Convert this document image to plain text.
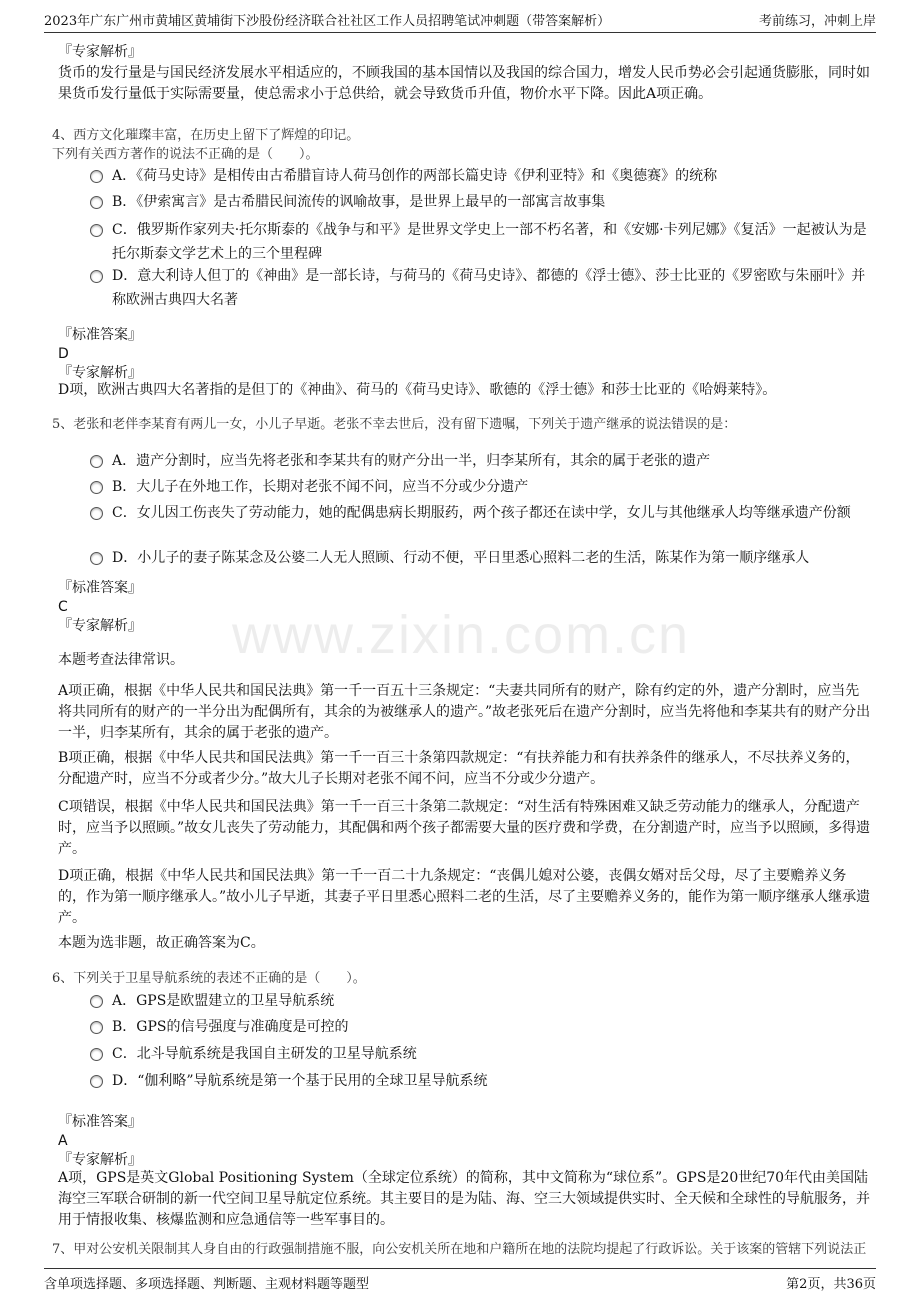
2023年广东广州市黄埔区黄埔街下沙股份经济联合社社区工作人员招聘笔试冲刺题（带答案解析）	考前练习，冲刺上岸
www.zixin.com.cn
『专家解析』
货币的发行量是与国民经济发展水平相适应的，不顾我国的基本国情以及我国的综合国力，增发人民币势必会引起通货膨胀，同时如果货币发行量低于实际需要量，使总需求小于总供给，就会导致货币升值，物价水平下降。因此A项正确。
4、西方文化璀璨丰富，在历史上留下了辉煌的印记。
下列有关西方著作的说法不正确的是（　　）。
A．《荷马史诗》是相传由古希腊盲诗人荷马创作的两部长篇史诗《伊利亚特》和《奥德赛》的统称
B．《伊索寓言》是古希腊民间流传的讽喻故事，是世界上最早的一部寓言故事集
C．俄罗斯作家列夫·托尔斯泰的《战争与和平》是世界文学史上一部不朽名著，和《安娜·卡列尼娜》《复活》一起被认为是托尔斯泰文学艺术上的三个里程碑
D．意大利诗人但丁的《神曲》是一部长诗，与荷马的《荷马史诗》、都德的《浮士德》、莎士比亚的《罗密欧与朱丽叶》并称欧洲古典四大名著
『标准答案』
D
『专家解析』
D项，欧洲古典四大名著指的是但丁的《神曲》、荷马的《荷马史诗》、歌德的《浮士德》和莎士比亚的《哈姆莱特》。
5、老张和老伴李某育有两儿一女，小儿子早逝。老张不幸去世后，没有留下遗嘱，下列关于遗产继承的说法错误的是：
A．遗产分割时，应当先将老张和李某共有的财产分出一半，归李某所有，其余的属于老张的遗产
B．大儿子在外地工作，长期对老张不闻不问，应当不分或少分遗产
C．女儿因工伤丧失了劳动能力，她的配偶患病长期服药，两个孩子都还在读中学，女儿与其他继承人均等继承遗产份额
D．小儿子的妻子陈某念及公婆二人无人照顾、行动不便，平日里悉心照料二老的生活，陈某作为第一顺序继承人
『标准答案』
C
『专家解析』
本题考查法律常识。
A项正确，根据《中华人民共和国民法典》第一千一百五十三条规定：“夫妻共同所有的财产，除有约定的外，遗产分割时，应当先将共同所有的财产的一半分出为配偶所有，其余的为被继承人的遗产。”故老张死后在遗产分割时，应当先将他和李某共有的财产分出一半，归李某所有，其余的属于老张的遗产。
B项正确，根据《中华人民共和国民法典》第一千一百三十条第四款规定：“有扶养能力和有扶养条件的继承人，不尽扶养义务的，分配遗产时，应当不分或者少分。”故大儿子长期对老张不闻不问，应当不分或少分遗产。
C项错误，根据《中华人民共和国民法典》第一千一百三十条第二款规定：“对生活有特殊困难又缺乏劳动能力的继承人，分配遗产时，应当予以照顾。”故女儿丧失了劳动能力，其配偶和两个孩子都需要大量的医疗费和学费，在分割遗产时，应当予以照顾，多得遗产。
D项正确，根据《中华人民共和国民法典》第一千一百二十九条规定：“丧偶儿媳对公婆，丧偶女婿对岳父母，尽了主要赡养义务的，作为第一顺序继承人。”故小儿子早逝，其妻子平日里悉心照料二老的生活，尽了主要赡养义务的，能作为第一顺序继承人继承遗产。
本题为选非题，故正确答案为C。
6、下列关于卫星导航系统的表述不正确的是（　　）。
A．GPS是欧盟建立的卫星导航系统
B．GPS的信号强度与准确度是可控的
C．北斗导航系统是我国自主研发的卫星导航系统
D．“伽利略”导航系统是第一个基于民用的全球卫星导航系统
『标准答案』
A
『专家解析』
A项，GPS是英文Global Positioning System（全球定位系统）的简称，其中文简称为“球位系”。GPS是20世纪70年代由美国陆海空三军联合研制的新一代空间卫星导航定位系统。其主要目的是为陆、海、空三大领域提供实时、全天候和全球性的导航服务，并用于情报收集、核爆监测和应急通信等一些军事目的。
7、甲对公安机关限制其人身自由的行政强制措施不服，向公安机关所在地和户籍所在地的法院均提起了行政诉讼。关于该案的管辖下列说法正
含单项选择题、多项选择题、判断题、主观材料题等题型	第2页，共36页
